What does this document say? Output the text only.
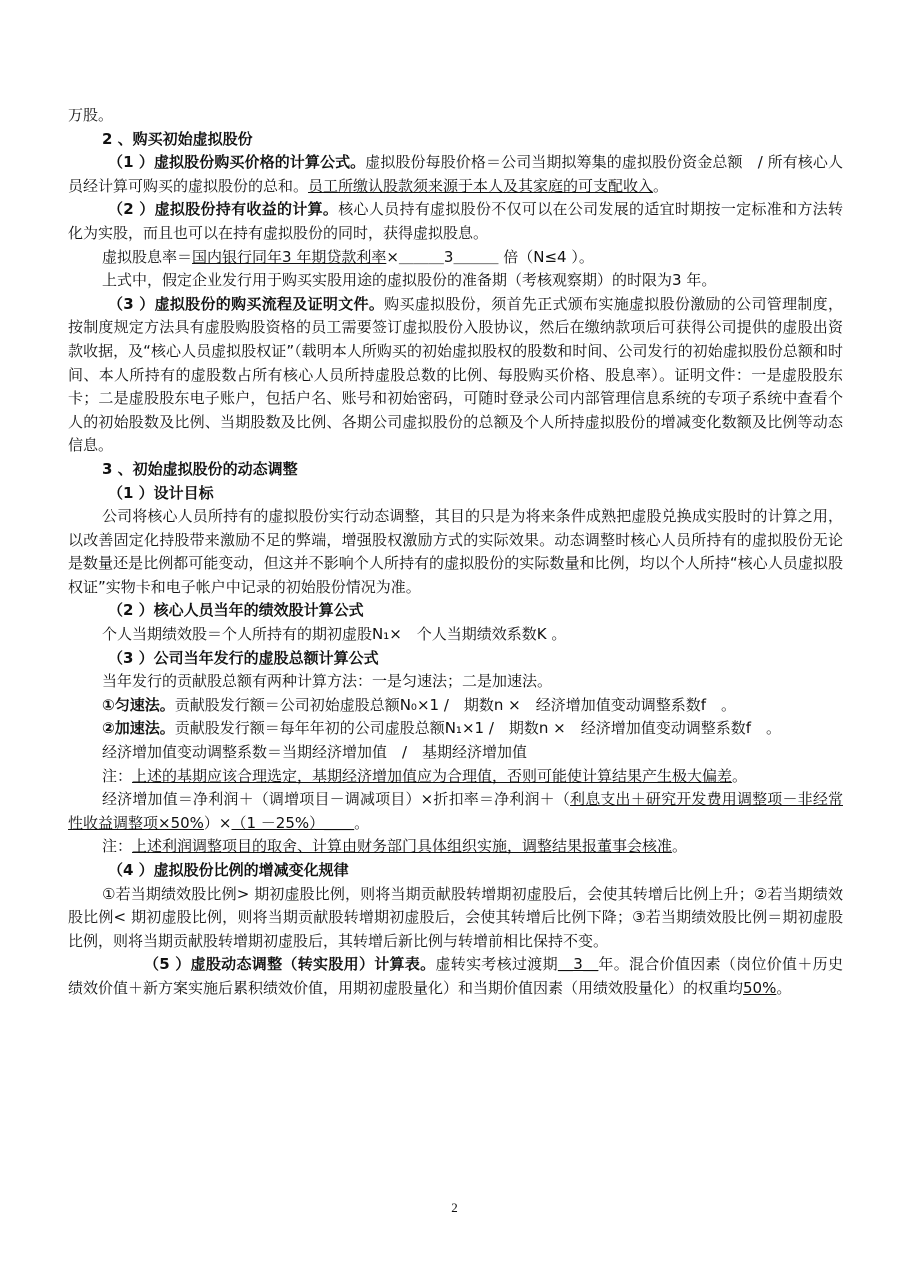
万股。

2 、购买初始虚拟股份

（1 ）虚拟股份购买价格的计算公式。虚拟股份每股价格＝公司当期拟筹集的虚拟股份资金总额　/ 所有核心人员经计算可购买的虚拟股份的总和。员工所缴认股款须来源于本人及其家庭的可支配收入。

（2 ）虚拟股份持有收益的计算。核心人员持有虚拟股份不仅可以在公司发展的适宜时期按一定标准和方法转化为实股，而且也可以在持有虚拟股份的同时，获得虚拟股息。

虚拟股息率＝国内银行同年3 年期贷款利率×＿＿＿3＿＿＿ 倍（N≤4 ）。

上式中，假定企业发行用于购买实股用途的虚拟股份的准备期（考核观察期）的时限为3 年。

（3 ）虚拟股份的购买流程及证明文件。购买虚拟股份，须首先正式颁布实施虚拟股份激励的公司管理制度，按制度规定方法具有虚股购股资格的员工需要签订虚拟股份入股协议，然后在缴纳款项后可获得公司提供的虚股出资款收据，及“核心人员虚拟股权证”（载明本人所购买的初始虚拟股权的股数和时间、公司发行的初始虚拟股份总额和时间、本人所持有的虚股数占所有核心人员所持虚股总数的比例、每股购买价格、股息率）。证明文件：一是虚股股东卡；二是虚股股东电子账户，包括户名、账号和初始密码，可随时登录公司内部管理信息系统的专项子系统中查看个人的初始股数及比例、当期股数及比例、各期公司虚拟股份的总额及个人所持虚拟股份的增减变化数额及比例等动态信息。

3 、初始虚拟股份的动态调整

（1 ）设计目标

公司将核心人员所持有的虚拟股份实行动态调整，其目的只是为将来条件成熟把虚股兑换成实股时的计算之用，以改善固定化持股带来激励不足的弊端，增强股权激励方式的实际效果。动态调整时核心人员所持有的虚拟股份无论是数量还是比例都可能变动，但这并不影响个人所持有的虚拟股份的实际数量和比例，均以个人所持“核心人员虚拟股权证”实物卡和电子帐户中记录的初始股份情况为准。

（2 ）核心人员当年的绩效股计算公式

个人当期绩效股＝个人所持有的期初虚股N₁×　个人当期绩效系数K 。

（3 ）公司当年发行的虚股总额计算公式

当年发行的贡献股总额有两种计算方法：一是匀速法；二是加速法。

①匀速法。贡献股发行额＝公司初始虚股总额N₀×1 /　期数n ×　经济增加值变动调整系数f　。

②加速法。贡献股发行额＝每年年初的公司虚股总额N₁×1 /　期数n ×　经济增加值变动调整系数f　。

经济增加值变动调整系数＝当期经济增加值　/　基期经济增加值

注：上述的基期应该合理选定，基期经济增加值应为合理值，否则可能使计算结果产生极大偏差。

经济增加值＝净利润＋（调增项目－调减项目）×折扣率＝净利润＋（利息支出＋研究开发费用调整项－非经常性收益调整项×50%）×（1 －25%）＿＿。

注：上述利润调整项目的取舍、计算由财务部门具体组织实施，调整结果报董事会核准。

（4 ）虚拟股份比例的增减变化规律

①若当期绩效股比例> 期初虚股比例，则将当期贡献股转增期初虚股后，会使其转增后比例上升；②若当期绩效股比例< 期初虚股比例，则将当期贡献股转增期初虚股后，会使其转增后比例下降；③若当期绩效股比例＝期初虚股比例，则将当期贡献股转增期初虚股后，其转增后新比例与转增前相比保持不变。

（5 ）虚股动态调整（转实股用）计算表。虚转实考核过渡期＿3＿年。混合价值因素（岗位价值＋历史绩效价值＋新方案实施后累积绩效价值，用期初虚股量化）和当期价值因素（用绩效股量化）的权重均50%。

2
